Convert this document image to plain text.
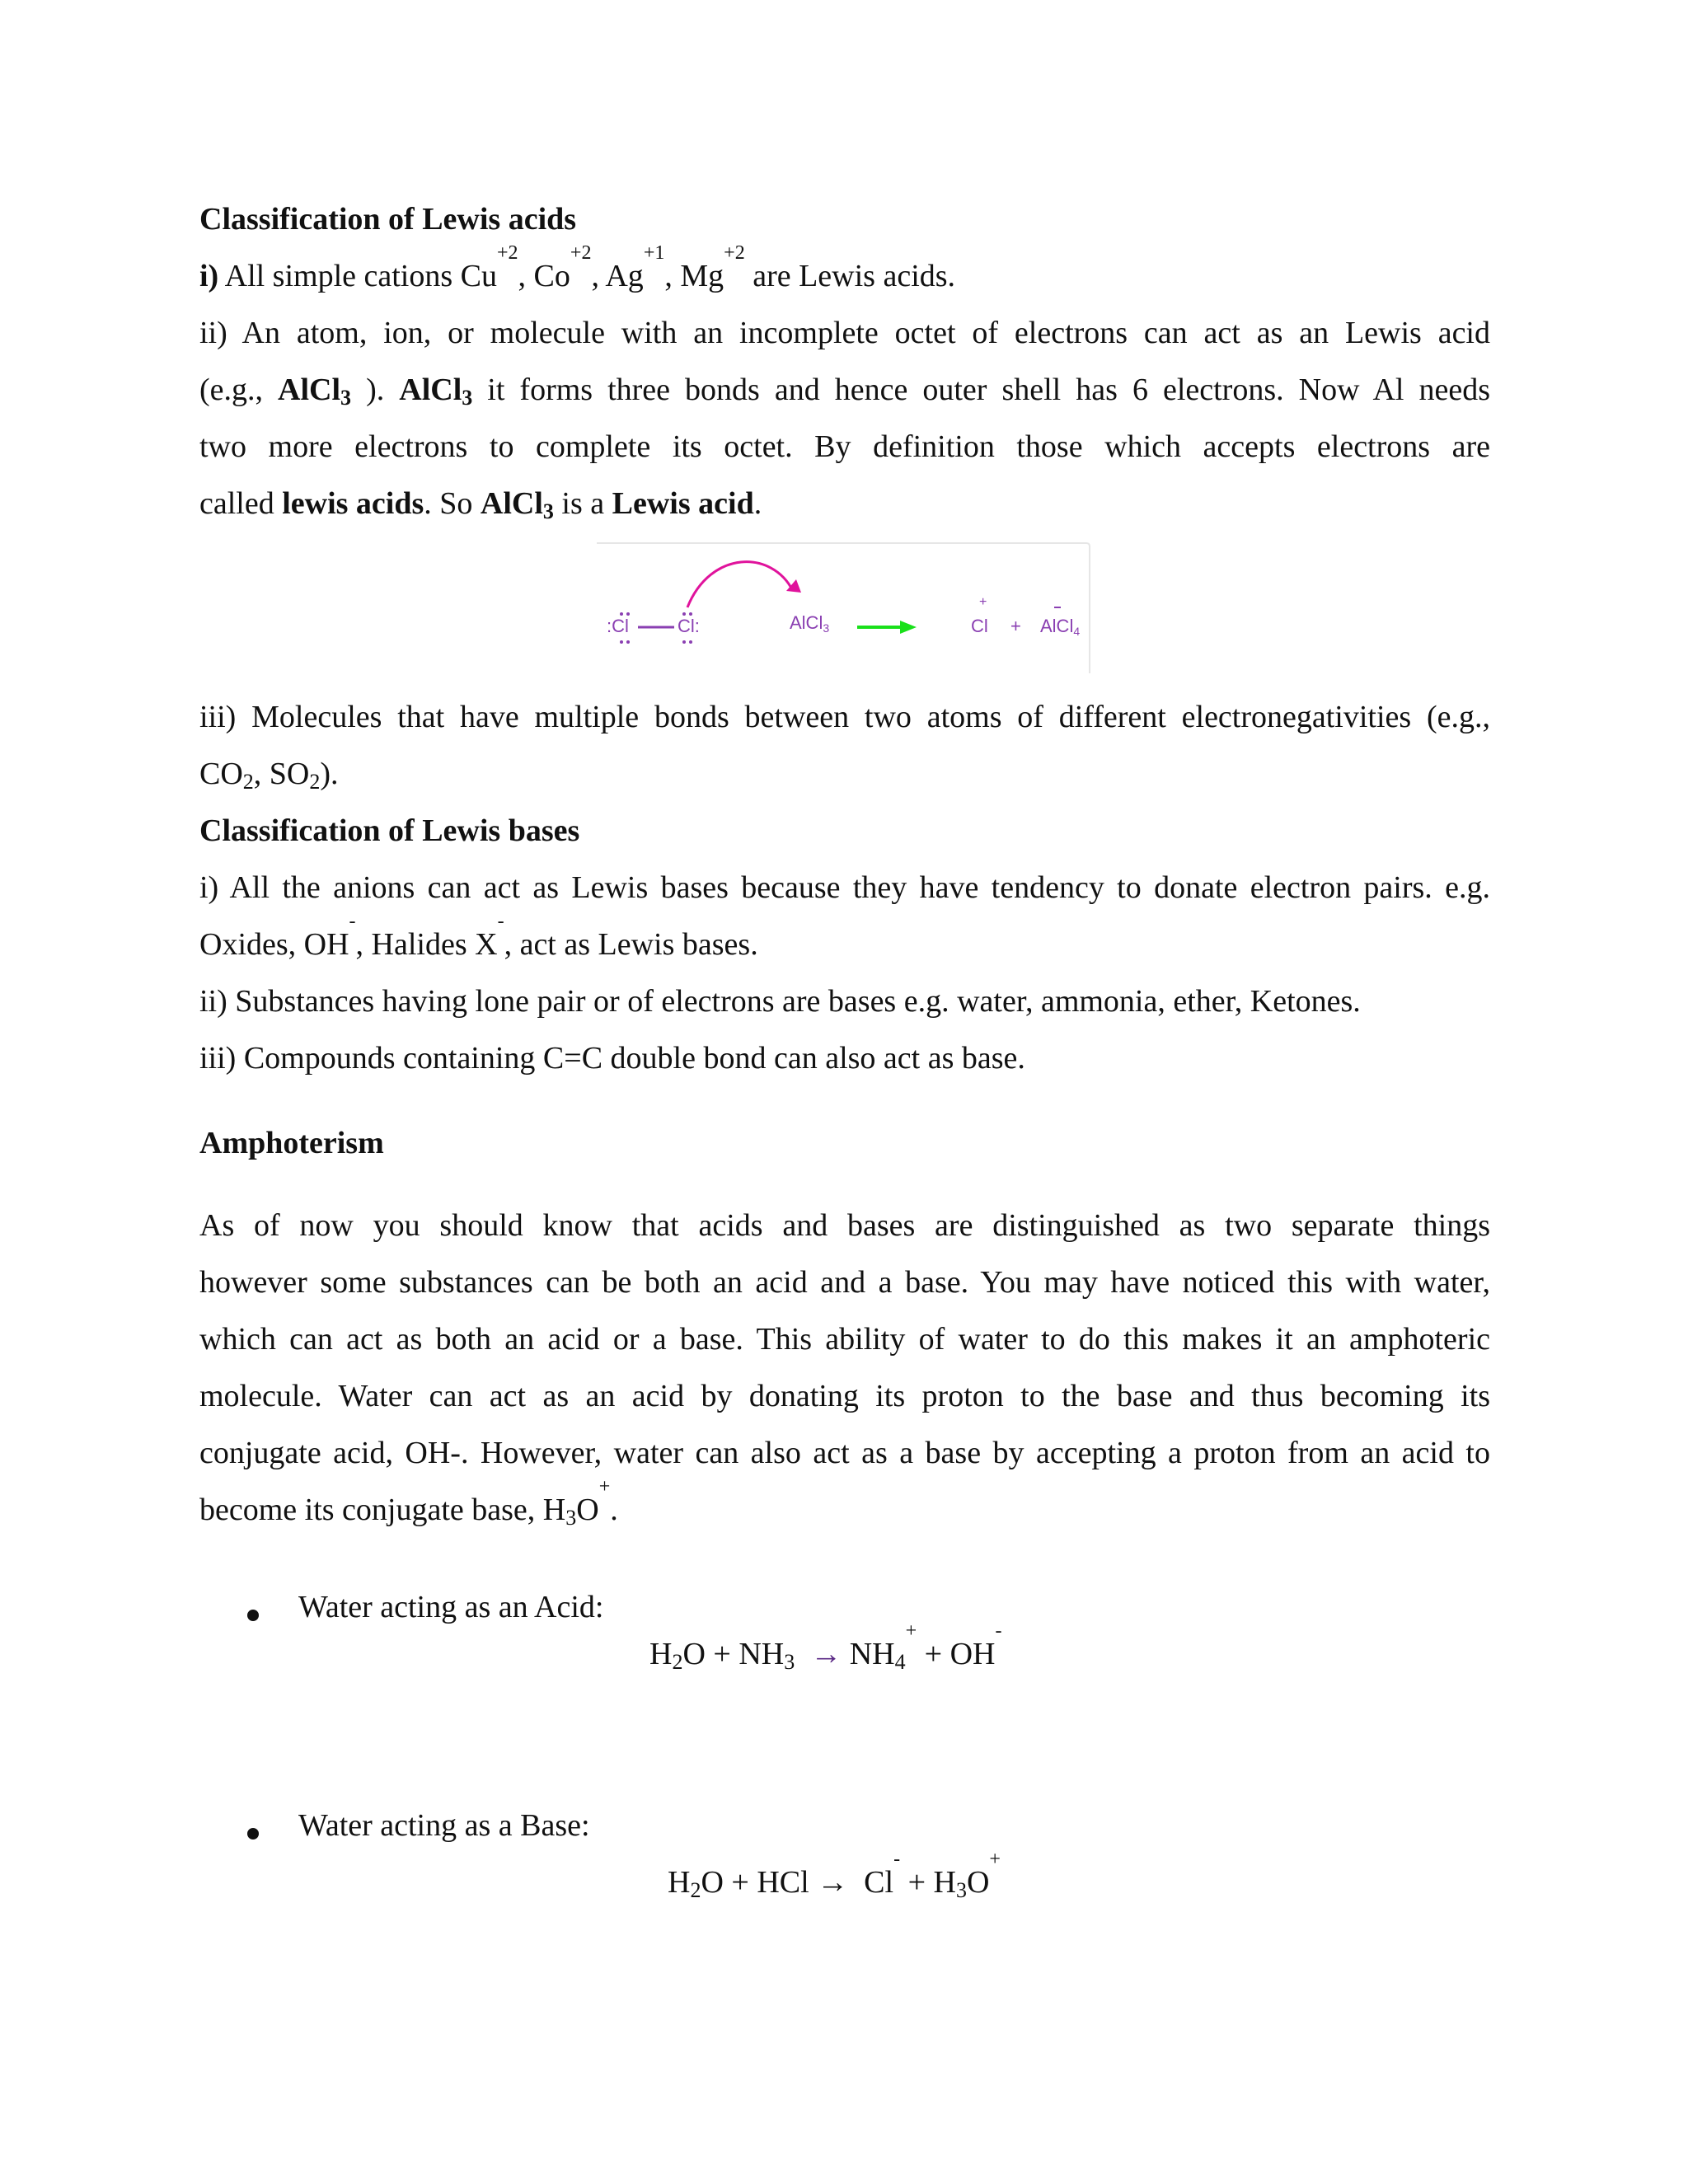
Classification of Lewis acids
i) All simple cations $Cu^{+2}$, $Co^{+2}$, $Ag^{+1}$, $Mg^{+2}$ are Lewis acids.
ii) An atom, ion, or molecule with an incomplete octet of electrons can act as an Lewis acid
(e.g., AlCl$_3$ ). AlCl$_3$ it forms three bonds and hence outer shell has 6 electrons. Now Al needs
two more electrons to complete its octet. By definition those which accepts electrons are
called lewis acids. So AlCl$_3$ is a Lewis acid.
+
:Cl	Cl:	AlCl$_3$	Cl + AlCl$_4$
iii) Molecules that have multiple bonds between two atoms of different electronegativities (e.g.,
$CO_2$, $SO_2$).
Classification of Lewis bases
i) All the anions can act as Lewis bases because they have tendency to donate electron pairs. e.g.
Oxides, OH-, Halides X-, act as Lewis bases.
ii) Substances having lone pair or of electrons are bases e.g. water, ammonia, ether, Ketones.
iii) Compounds containing C=C double bond can also act as base.
Amphoterism
As of now you should know that acids and bases are distinguished as two separate things
however some substances can be both an acid and a base. You may have noticed this with water,
which can act as both an acid or a base. This ability of water to do this makes it an amphoteric
molecule. Water can act as an acid by donating its proton to the base and thus becoming its
conjugate acid, OH-. However, water can also act as a base by accepting a proton from an acid to
become its conjugate base, $H_3O^+$.
Water acting as an Acid:
$H_2O + NH_3 \to NH_4^+ + OH^-$
Water acting as a Base:
$H_2O$ + HCl → $Cl^- + H_3O^+$
